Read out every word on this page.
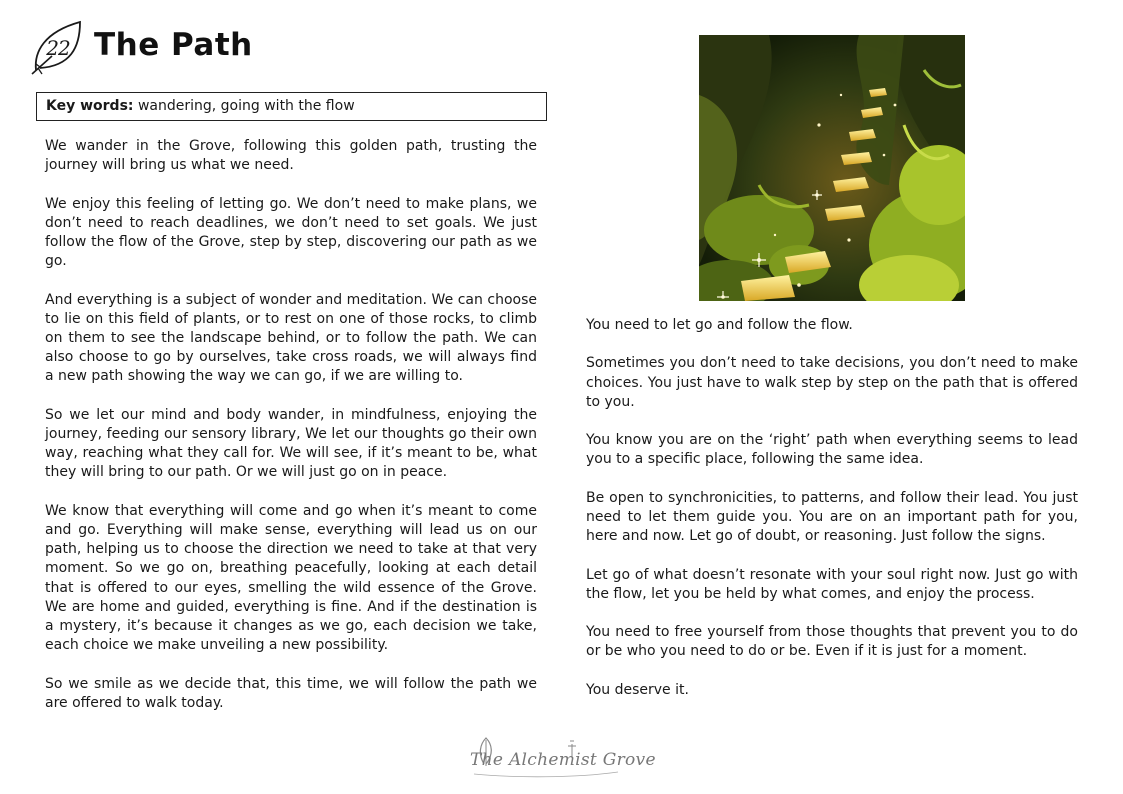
22 The Path
Key words: wandering, going with the flow

We wander in the Grove, following this golden path, trusting the journey will bring us what we need.

We enjoy this feeling of letting go. We don’t need to make plans, we don’t need to reach deadlines, we don’t need to set goals. We just follow the flow of the Grove, step by step, discovering our path as we go.

And everything is a subject of wonder and meditation. We can choose to lie on this field of plants, or to rest on one of those rocks, to climb on them to see the landscape behind, or to follow the path. We can also choose to go by ourselves, take cross roads, we will always find a new path showing the way we can go, if we are willing to.

So we let our mind and body wander, in mindfulness, enjoying the journey, feeding our sensory library, We let our thoughts go their own way, reaching what they call for. We will see, if it’s meant to be, what they will bring to our path. Or we will just go on in peace.

We know that everything will come and go when it’s meant to come and go. Everything will make sense, everything will lead us on our path, helping us to choose the direction we need to take at that very moment. So we go on, breathing peacefully, looking at each detail that is offered to our eyes, smelling the wild essence of the Grove. We are home and guided, everything is fine. And if the destination is a mystery, it’s because it changes as we go, each decision we take, each choice we make unveiling a new possibility.

So we smile as we decide that, this time, we will follow the path we are offered to walk today.

You need to let go and follow the flow.

Sometimes you don’t need to take decisions, you don’t need to make choices. You just have to walk step by step on the path that is offered to you.

You know you are on the ‘right’ path when everything seems to lead you to a specific place, following the same idea.

Be open to synchronicities, to patterns, and follow their lead. You just need to let them guide you. You are on an important path for you, here and now. Let go of doubt, or reasoning. Just follow the signs.

Let go of what doesn’t resonate with your soul right now. Just go with the flow, let you be held by what comes, and enjoy the process.

You need to free yourself from those thoughts that prevent you to do or be who you need to do or be. Even if it is just for a moment.

You deserve it.

The Alchemist Grove
